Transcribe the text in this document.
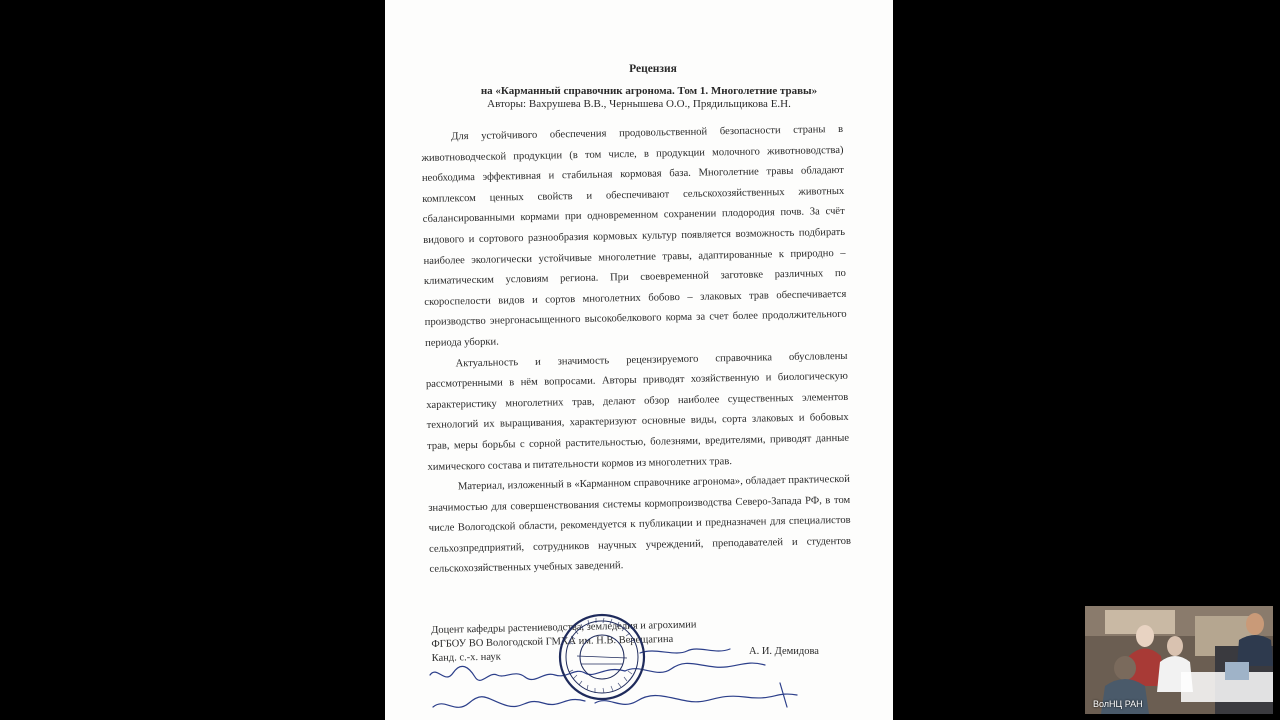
Рецензия
на «Карманный справочник агронома. Том 1. Многолетние травы»
Авторы: Вахрушева В.В., Чернышева О.О., Прядильщикова Е.Н.

Для устойчивого обеспечения продовольственной безопасности страны в животноводческой продукции (в том числе, в продукции молочного животноводства) необходима эффективная и стабильная кормовая база. Многолетние травы обладают комплексом ценных свойств и обеспечивают сельскохозяйственных животных сбалансированными кормами при одновременном сохранении плодородия почв. За счёт видового и сортового разнообразия кормовых культур появляется возможность подбирать наиболее экологически устойчивые многолетние травы, адаптированные к природно – климатическим условиям региона. При своевременной заготовке различных по скороспелости видов и сортов многолетних бобово – злаковых трав обеспечивается производство энергонасыщенного высокобелкового корма за счет более продолжительного периода уборки.

Актуальность и значимость рецензируемого справочника обусловлены рассмотренными в нём вопросами. Авторы приводят хозяйственную и биологическую характеристику многолетних трав, делают обзор наиболее существенных элементов технологий их выращивания, характеризуют основные виды, сорта злаковых и бобовых трав, меры борьбы с сорной растительностью, болезнями, вредителями, приводят данные химического состава и питательности кормов из многолетних трав.

Материал, изложенный в «Карманном справочнике агронома», обладает практической значимостью для совершенствования системы кормопроизводства Северо-Запада РФ, в том числе Вологодской области, рекомендуется к публикации и предназначен для специалистов сельхозпредприятий, сотрудников научных учреждений, преподавателей и студентов сельскохозяйственных учебных заведений.

Доцент кафедры растениеводства, земледелия и агрохимии
ФГБОУ ВО Вологодской ГМХА им. Н.В. Верещагина
Канд. с.-х. наук
А. И. Демидова
ВолНЦ РАН
